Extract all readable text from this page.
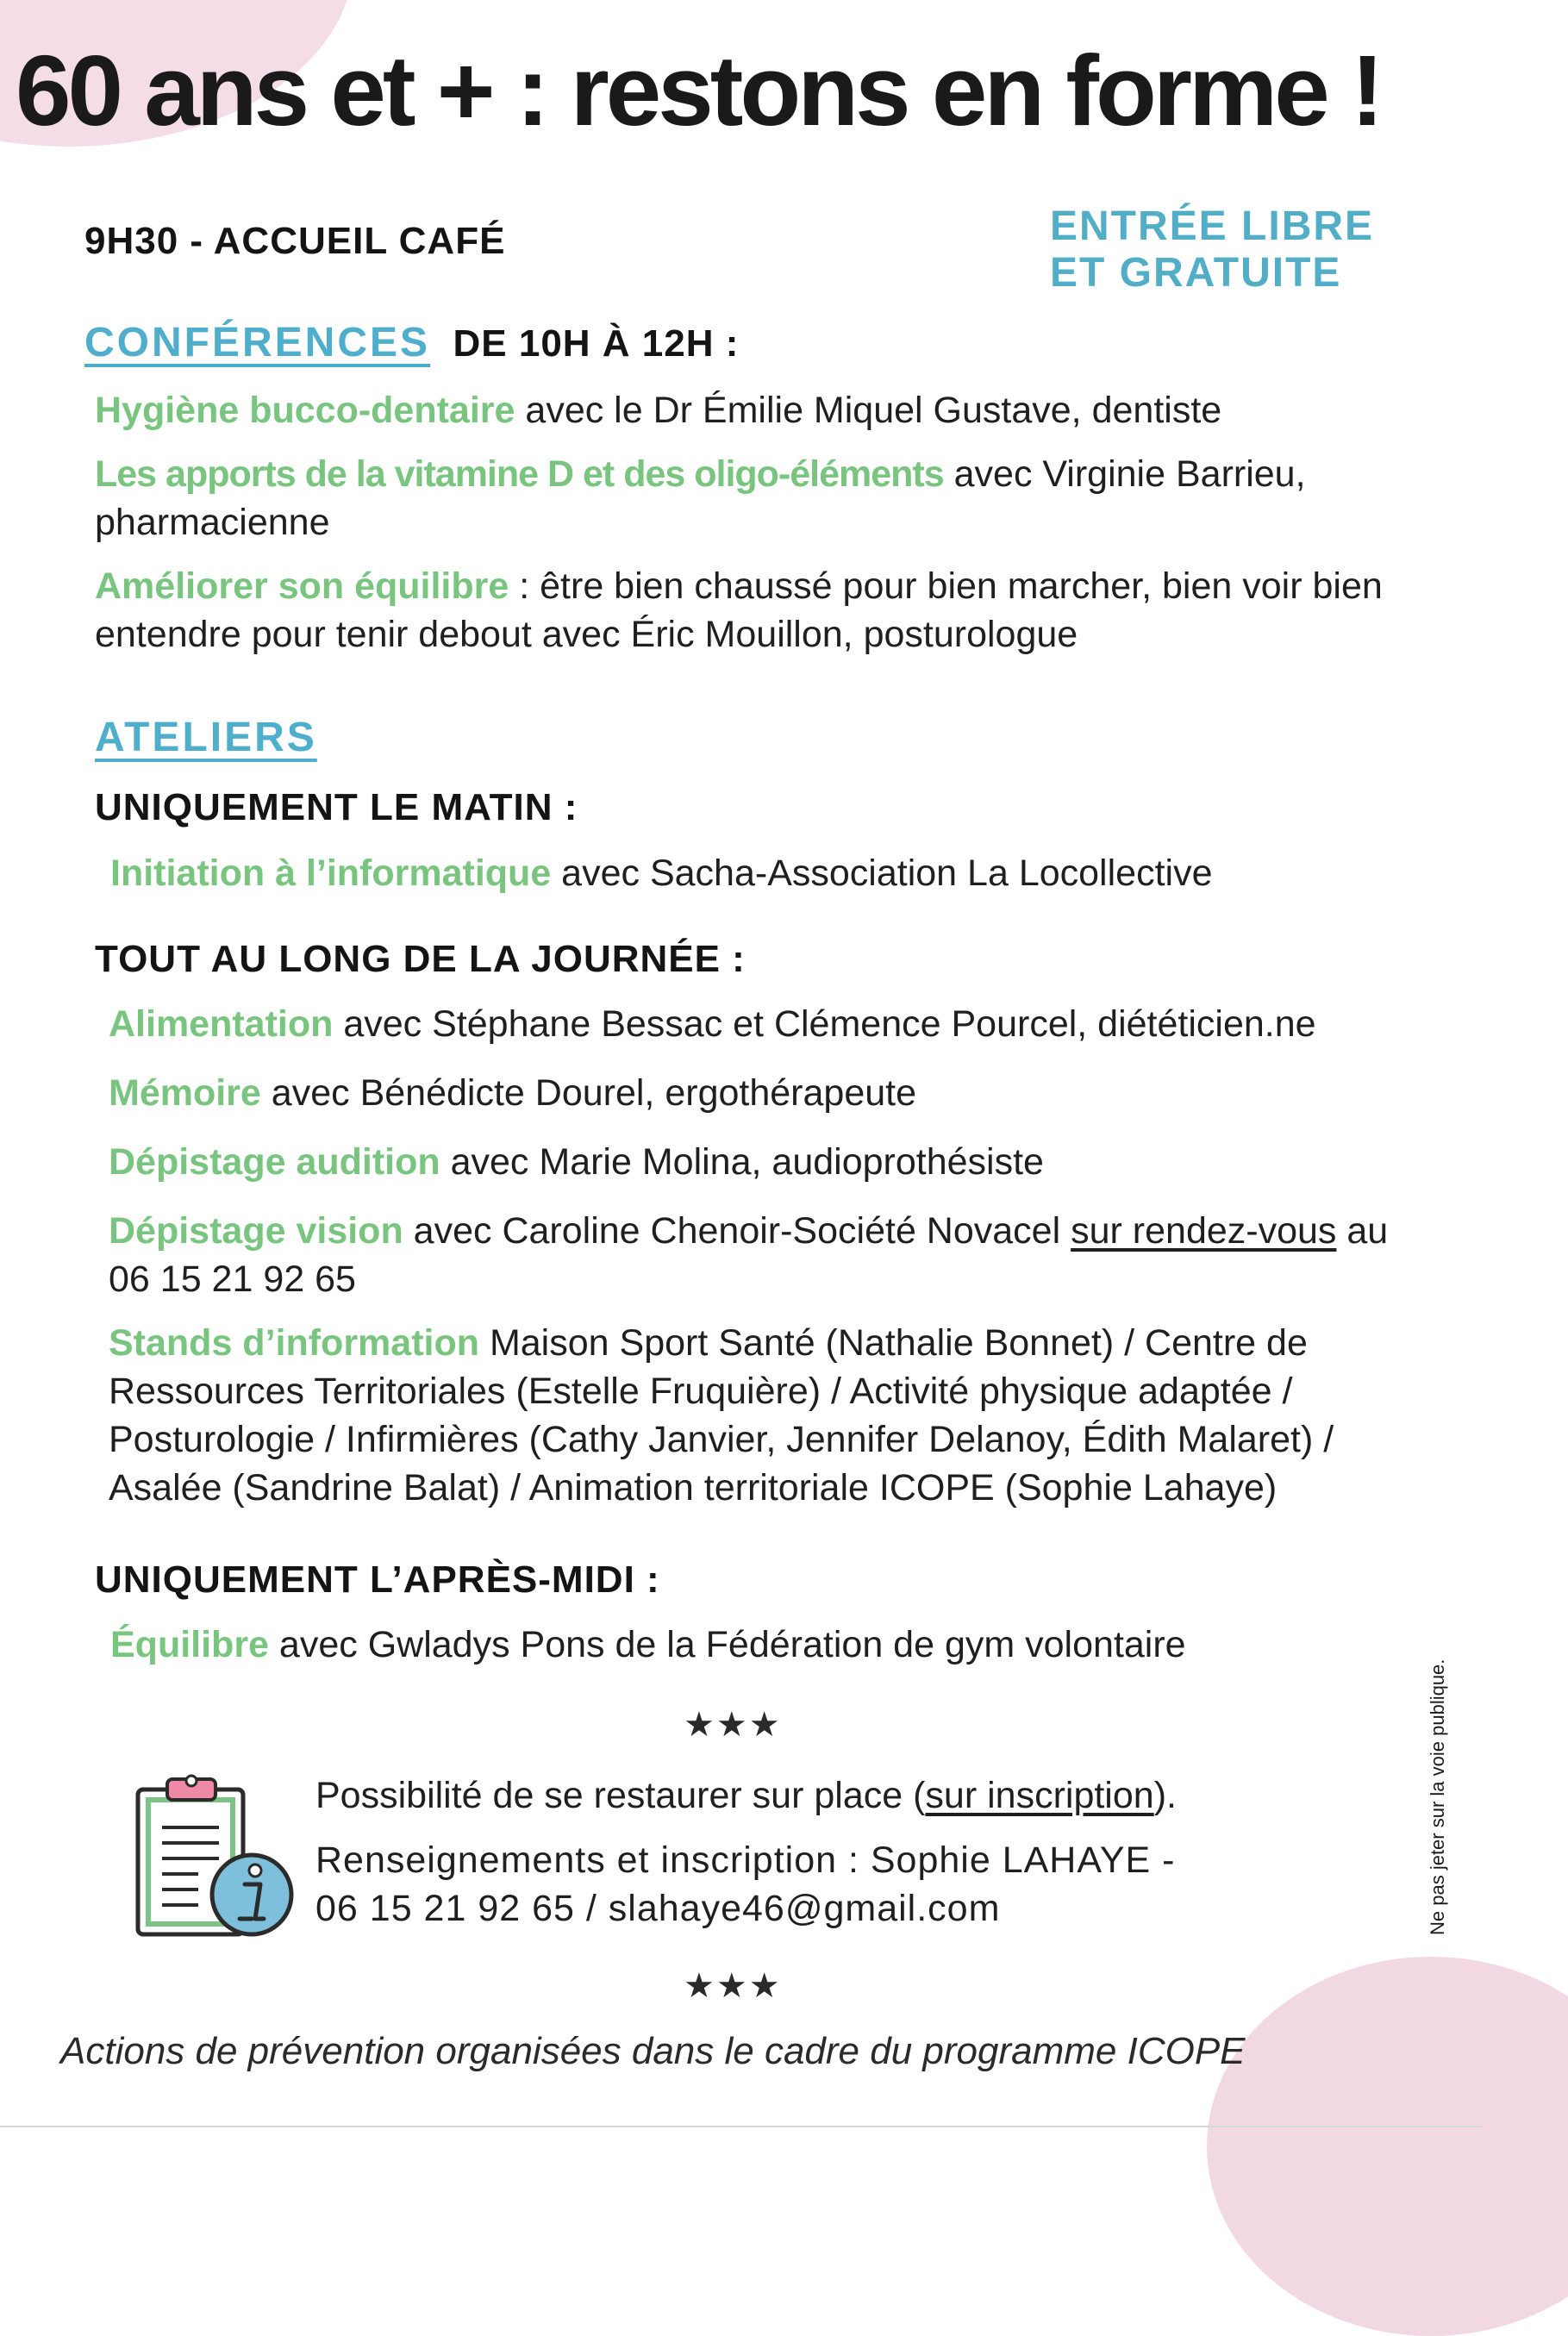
60 ans et + : restons en forme !
9H30 - ACCUEIL CAFÉ	ENTRÉE LIBRE
ET GRATUITE
CONFÉRENCES DE 10H À 12H :
Hygiène bucco-dentaire avec le Dr Émilie Miquel Gustave, dentiste
Les apports de la vitamine D et des oligo-éléments avec Virginie Barrieu, pharmacienne
Améliorer son équilibre : être bien chaussé pour bien marcher, bien voir bien entendre pour tenir debout avec Éric Mouillon, posturologue
ATELIERS
UNIQUEMENT LE MATIN :
Initiation à l’informatique avec Sacha-Association La Locollective
TOUT AU LONG DE LA JOURNÉE :
Alimentation avec Stéphane Bessac et Clémence Pourcel, diététicien.ne
Mémoire avec Bénédicte Dourel, ergothérapeute
Dépistage audition avec Marie Molina, audioprothésiste
Dépistage vision avec Caroline Chenoir-Société Novacel sur rendez-vous au 06 15 21 92 65
Stands d’information Maison Sport Santé (Nathalie Bonnet) / Centre de Ressources Territoriales (Estelle Fruquière) / Activité physique adaptée / Posturologie / Infirmières (Cathy Janvier, Jennifer Delanoy, Édith Malaret) / Asalée (Sandrine Balat) / Animation territoriale ICOPE (Sophie Lahaye)
UNIQUEMENT L’APRÈS-MIDI :
Équilibre avec Gwladys Pons de la Fédération de gym volontaire
★★★
Possibilité de se restaurer sur place (sur inscription).
Renseignements et inscription : Sophie LAHAYE -
06 15 21 92 65 / slahaye46@gmail.com
★★★
Actions de prévention organisées dans le cadre du programme ICOPE
Ne pas jeter sur la voie publique.
